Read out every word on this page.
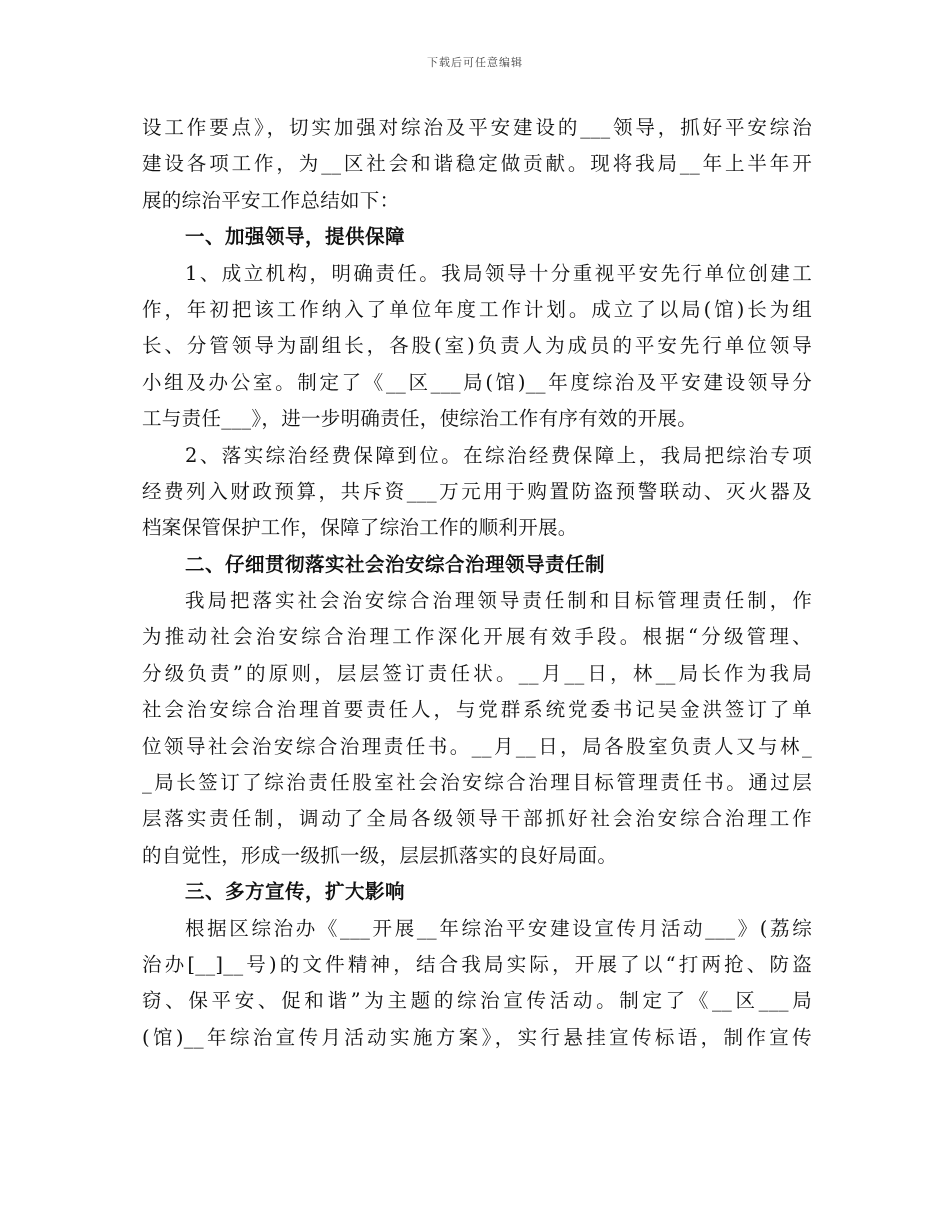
下载后可任意编辑
设工作要点》，切实加强对综治及平安建设的___领导，抓好平安综治
建设各项工作，为__区社会和谐稳定做贡献。现将我局__年上半年开
展的综治平安工作总结如下：
一、加强领导，提供保障
1、成立机构，明确责任。我局领导十分重视平安先行单位创建工
作，年初把该工作纳入了单位年度工作计划。成立了以局(馆)长为组
长、分管领导为副组长，各股(室)负责人为成员的平安先行单位领导
小组及办公室。制定了《__区___局(馆)__年度综治及平安建设领导分
工与责任___》，进一步明确责任，使综治工作有序有效的开展。
2、落实综治经费保障到位。在综治经费保障上，我局把综治专项
经费列入财政预算，共斥资___万元用于购置防盗预警联动、灭火器及
档案保管保护工作，保障了综治工作的顺利开展。
二、仔细贯彻落实社会治安综合治理领导责任制
我局把落实社会治安综合治理领导责任制和目标管理责任制，作
为推动社会治安综合治理工作深化开展有效手段。根据“分级管理、
分级负责”的原则，层层签订责任状。__月__日，林__局长作为我局
社会治安综合治理首要责任人，与党群系统党委书记吴金洪签订了单
位领导社会治安综合治理责任书。__月__日，局各股室负责人又与林_
_局长签订了综治责任股室社会治安综合治理目标管理责任书。通过层
层落实责任制，调动了全局各级领导干部抓好社会治安综合治理工作
的自觉性，形成一级抓一级，层层抓落实的良好局面。
三、多方宣传，扩大影响
根据区综治办《___开展__年综治平安建设宣传月活动___》(荔综
治办[__]__号)的文件精神，结合我局实际，开展了以“打两抢、防盗
窃、保平安、促和谐”为主题的综治宣传活动。制定了《__区___局
(馆)__年综治宣传月活动实施方案》，实行悬挂宣传标语，制作宣传
